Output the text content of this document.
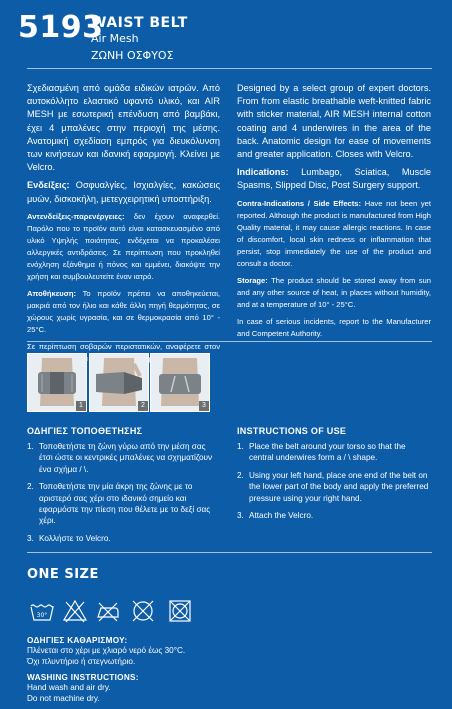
5193
WAIST BELT
Air Mesh
ΖΩΝΗ ΟΣΦΥΟΣ

Σχεδιασμένη από ομάδα ειδικών ιατρών. Από αυτοκόλλητο ελαστικό υφαντό υλικό, και AIR MESH με εσωτερική επένδυση από βαμβάκι, έχει 4 μπαλένες στην περιοχή της μέσης. Ανατομική σχεδίαση εμπρός για διευκόλυνση των κινήσεων και ιδανική εφαρμογή. Κλείνει με Velcro.

Ενδείξεις: Οσφυαλγίες, Ισχιαλγίες, κακώσεις μυών, δισκοκήλη, μετεγχειρητική υποστήριξη.

Αντενδείξεις-παρενέργειες: δεν έχουν αναφερθεί. Παρόλο που το προϊόν αυτό είναι κατασκευασμένο από υλικό Υψηλής ποιότητας, ενδέχεται να προκαλέσει αλλεργικές αντιδράσεις. Σε περίπτωση που προκληθεί ενόχληση εξάνθημα ή πόνος και εμμένει, διακόψτε την χρήση και συμβουλευτείτε έναν ιατρό.

Αποθήκευση: Το προϊόν πρέπει να αποθηκεύεται, μακριά από τον ήλιο και κάθε άλλη πηγή θερμότητας, σε χώρους χωρίς υγρασία, και σε θερμοκρασία από 10° - 25°C.

Σε περίπτωση σοβαρών περιστατικών, αναφέρετε στον

Designed by a select group of expert doctors. From from elastic breathable weft-knitted fabric with sticker material, AIR MESH internal cotton coating and 4 underwires in the area of the back. Anatomic design for ease of movements and greater application. Closes with Velcro.

Indications: Lumbago, Sciatica, Muscle Spasms, Slipped Disc, Post Surgery support.

Contra-Indications / Side Effects: Have not been yet reported. Although the product is manufactured from High Quality material, it may cause allergic reactions. In case of discomfort, local skin redness or inflammation that persist, stop immediately the use of the product and consult a doctor.

Storage: The product should be stored away from sun and any other source of heat, in places without humidity, and at a temperature of 10° - 25°C.

In case of serious incidents, report to the Manufacturer and Competent Authority.

1	2	3
ΟΔΗΓΙΕΣ ΤΟΠΟΘΕΤΗΣΗΣ
1. Τοποθετήστε τη ζώνη γύρω από την μέση σας έτσι ώστε οι κεντρικές μπαλένες να σχηματίζουν ένα σχήμα / \.
2. Τοποθετήστε την μία άκρη της ζώνης με το αριστερό σας χέρι στο ιδανικό σημείο και εφαρμόστε την πίεση που θέλετε με το δεξί σας χέρι.
3. Κολλήστε το Velcro.
INSTRUCTIONS OF USE
1. Place the belt around your torso so that the central underwires form a / \ shape.
2. Using your left hand, place one end of the belt on the lower part of the body and apply the preferred pressure using your right hand.
3. Attach the Velcro.
ONE SIZE
30°
ΟΔΗΓΙΕΣ ΚΑΘΑΡΙΣΜΟΥ:
Πλένεται στο χέρι με χλιαρό νερό έως 30°C.
Όχι πλυντήριο ή στεγνωτήριο.
WASHING INSTRUCTIONS:
Hand wash and air dry.
Do not machine dry.
